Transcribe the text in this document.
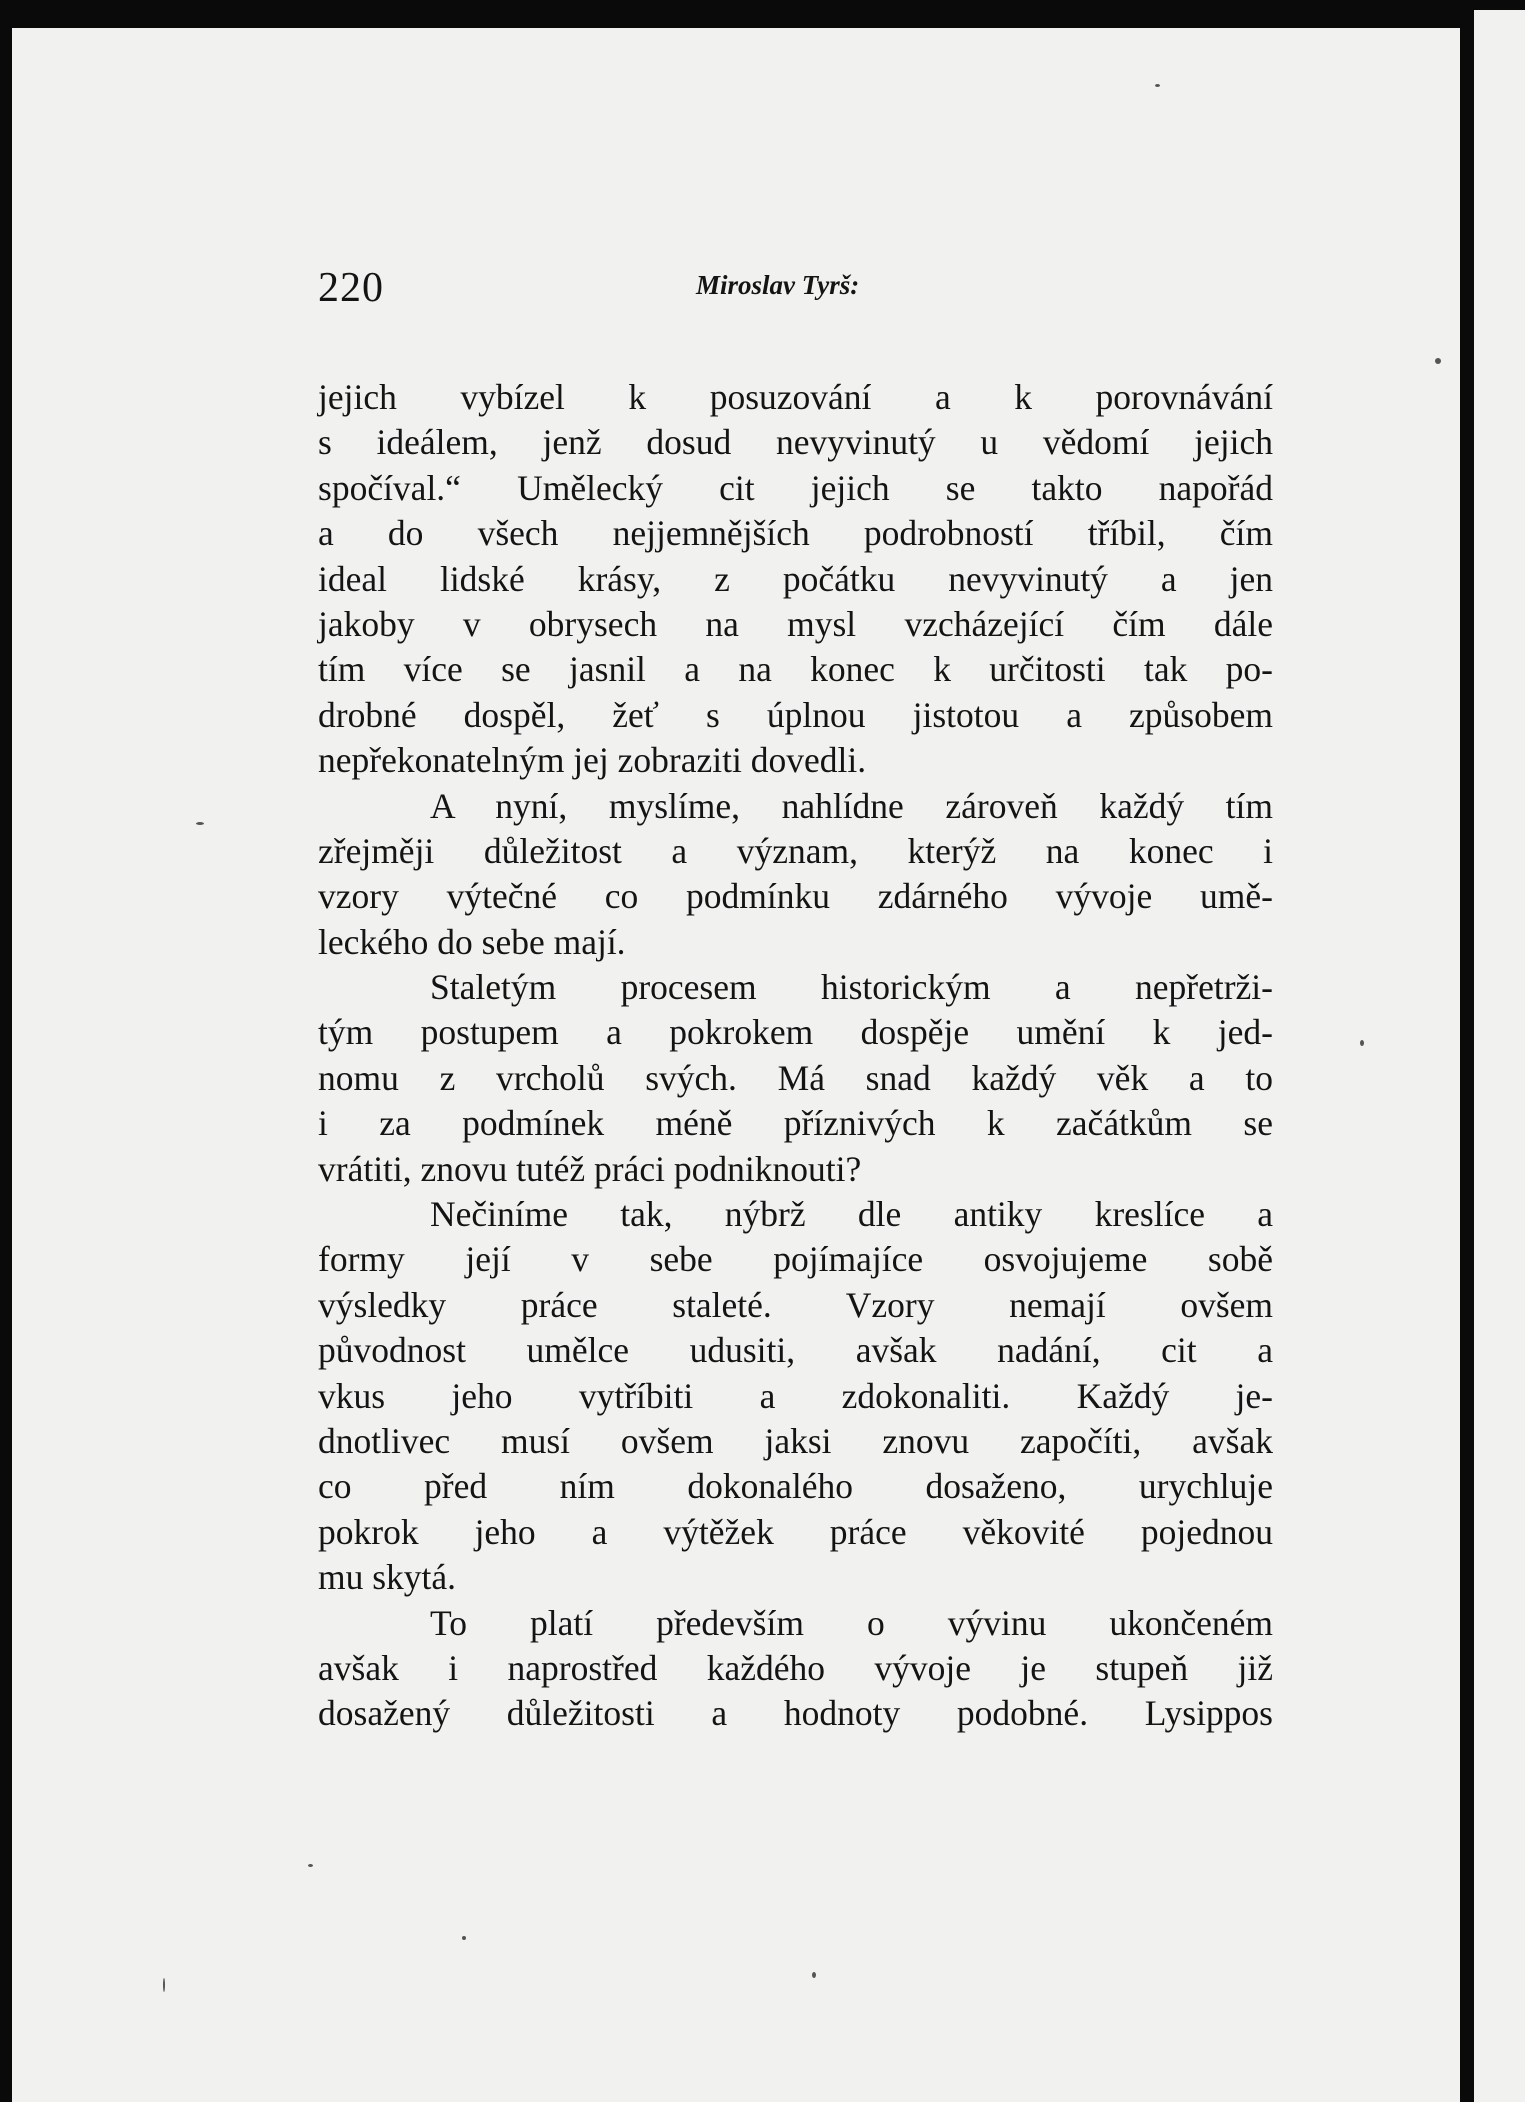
220	Miroslav Tyrš:
jejich vybízel k posuzování a k porovnávání
s ideálem, jenž dosud nevyvinutý u vědomí jejich
spočíval.“ Umělecký cit jejich se takto napořád
a do všech nejjemnějších podrobností tříbil, čím
ideal lidské krásy, z počátku nevyvinutý a jen
jakoby v obrysech na mysl vzcházející čím dále
tím více se jasnil a na konec k určitosti tak po-
drobné dospěl, žeť s úplnou jistotou a způsobem
nepřekonatelným jej zobraziti dovedli.
A nyní, myslíme, nahlídne zároveň každý tím
zřejměji důležitost a význam, kterýž na konec i
vzory výtečné co podmínku zdárného vývoje umě-
leckého do sebe mají.
Staletým procesem historickým a nepřetrži-
tým postupem a pokrokem dospěje umění k jed-
nomu z vrcholů svých. Má snad každý věk a to
i za podmínek méně příznivých k začátkům se
vrátiti, znovu tutéž práci podniknouti?
Nečiníme tak, nýbrž dle antiky kreslíce a
formy její v sebe pojímajíce osvojujeme sobě
výsledky práce staleté. Vzory nemají ovšem
původnost umělce udusiti, avšak nadání, cit a
vkus jeho vytříbiti a zdokonaliti. Každý je-
dnotlivec musí ovšem jaksi znovu započíti, avšak
co před ním dokonalého dosaženo, urychluje
pokrok jeho a výtěžek práce věkovité pojednou
mu skytá.
To platí především o vývinu ukončeném
avšak i naprostřed každého vývoje je stupeň již
dosažený důležitosti a hodnoty podobné. Lysippos
